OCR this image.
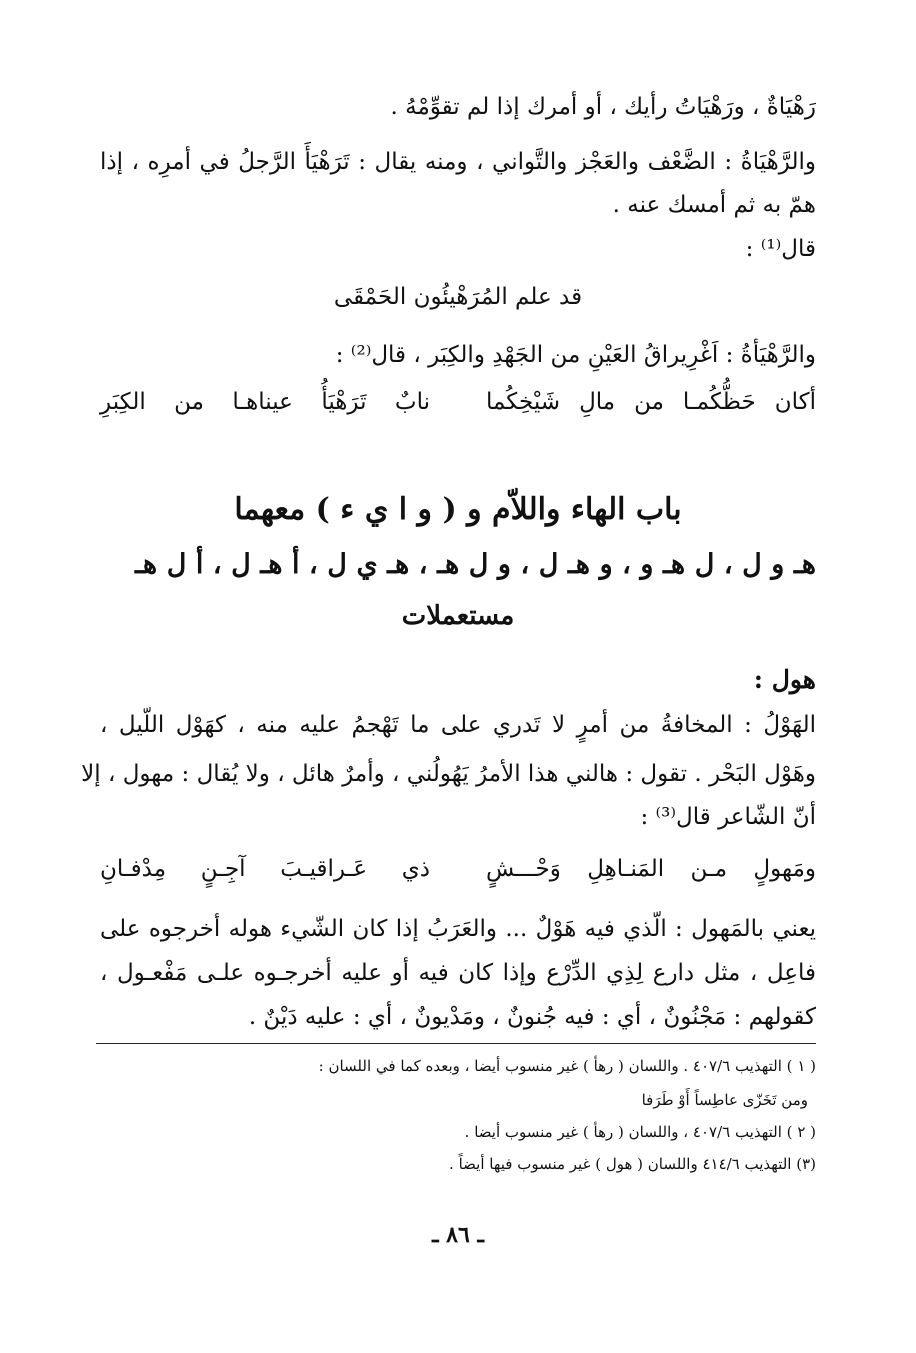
رَهْيَاةٌ ، ورَهْيَاتُ رأيك ، أو أمرك إذا لم تقوِّمْهُ .
والرَّهْيَاةُ : الضَّعْف والعَجْز والتَّواني ، ومنه يقال : تَرَهْيَأَ الرَّجلُ في أمرِه ، إذا
همّ به ثم أمسك عنه .
قال⁽¹⁾ :
قد علم المُرَهْيئُون الحَمْقَى
والرَّهْيَأةُ : اَغْرِيراقُ العَيْنِ من الجَهْدِ والكِبَر ، قال⁽²⁾ :
أكان حَظُّكُمـا من مالِ شَيْخِكُما
نابٌ تَرَهْيَأُ عيناهـا من الكِبَرِ
باب الهاء واللاّم و ( و ا ي ء ) معهما
هـ و ل ، ل هـ و ، و هـ ل ، و ل هـ ، هـ ي ل ، أ هـ ل ، أ ل هـ
مستعملات
هول :
الهَوْلُ : المخافةُ من أمرٍ لا تَدري على ما تَهْجمُ عليه منه ، كهَوْل اللّيل ،
وهَوْل البَحْر . تقول : هالني هذا الأمرُ يَهُولُني ، وأمرٌ هائل ، ولا يُقال : مهول ، إلا
أنّ الشّاعر قال⁽³⁾ :
ومَهولٍ مـن المَنـاهِلِ وَحْـــشٍ
ذي عَـراقيـبَ آجِـنٍ مِدْفـانِ
يعني بالمَهول : الّذي فيه هَوْلٌ ... والعَرَبُ إذا كان الشّيء هوله أخرجوه على
فاعِل ، مثل دارع لِذِي الدِّرْع وإذا كان فيه أو عليه أخرجـوه علـى مَفْعـول ،
كقولهم : مَجْنُونٌ ، أي : فيه جُنونٌ ، ومَدْيونٌ ، أي : عليه دَيْنٌ .
( ١ ) التهذيب ٤٠٧/٦ . واللسان ( رهأ ) غير منسوب أيضا ، وبعده كما في اللسان :
ومن تَخَزّى عاطِساً أَوْ طَرَفا
( ٢ ) التهذيب ٤٠٧/٦ ، واللسان ( رهأ ) غير منسوب أيضا .
(٣) التهذيب ٤١٤/٦ واللسان ( هول ) غير منسوب فيها أيضاً .
ـ ٨٦ ـ
